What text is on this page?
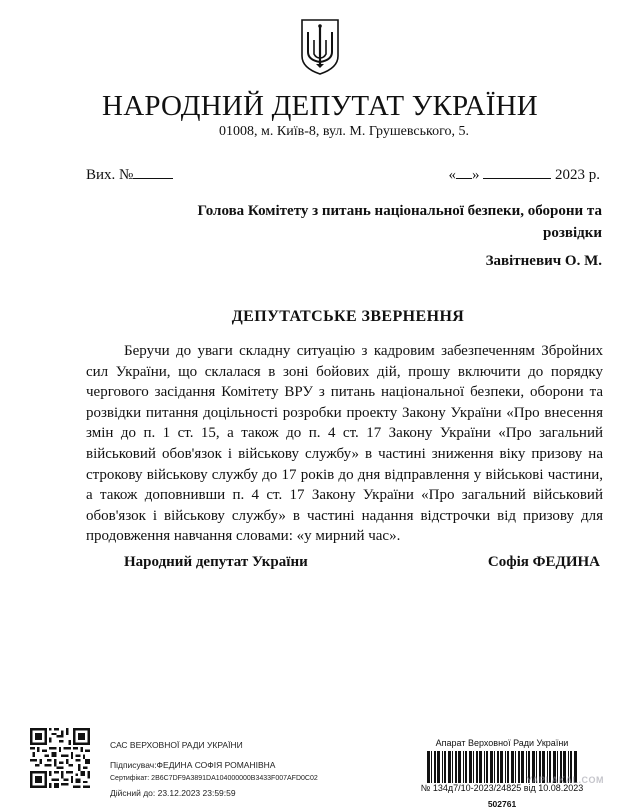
НАРОДНИЙ ДЕПУТАТ УКРАЇНИ
01008, м. Київ-8, вул. М. Грушевського, 5.
Вих. №	« »	2023 р.
Голова Комітету з питань національної безпеки, оборони та розвідки
Завітневич О. М.
ДЕПУТАТСЬКЕ ЗВЕРНЕННЯ
Беручи до уваги складну ситуацію з кадровим забезпеченням Збройних сил України, що склалася в зоні бойових дій, прошу включити до порядку чергового засідання Комітету ВРУ з питань національної безпеки, оборони та розвідки питання доцільності розробки проекту Закону України «Про внесення змін до п. 1 ст. 15, а також до п. 4 ст. 17 Закону України «Про загальний військовий обов'язок і військову службу» в частині зниження віку призову на строкову військову службу до 17 років до дня відправлення у військові частини, а також доповнивши п. 4 ст. 17 Закону України «Про загальний військовий обов'язок і військову службу» в частині надання відстрочки від призову для продовження навчання словами: «у мирний час».
Народний депутат України	Софія ФЕДИНА
САС ВЕРХОВНОЇ РАДИ УКРАЇНИ
Підписувач:ФЕДИНА СОФІЯ РОМАНІВНА
Сертифікат: 2B6C7DF9A3891DA104000000B3433F007AFD0C02
Дійсний до: 23.12.2023 23:59:59
Апарат Верховної Ради України
№ 134д7/10-2023/24825 від 10.08.2023
502761
YAPLAKAL.COM
